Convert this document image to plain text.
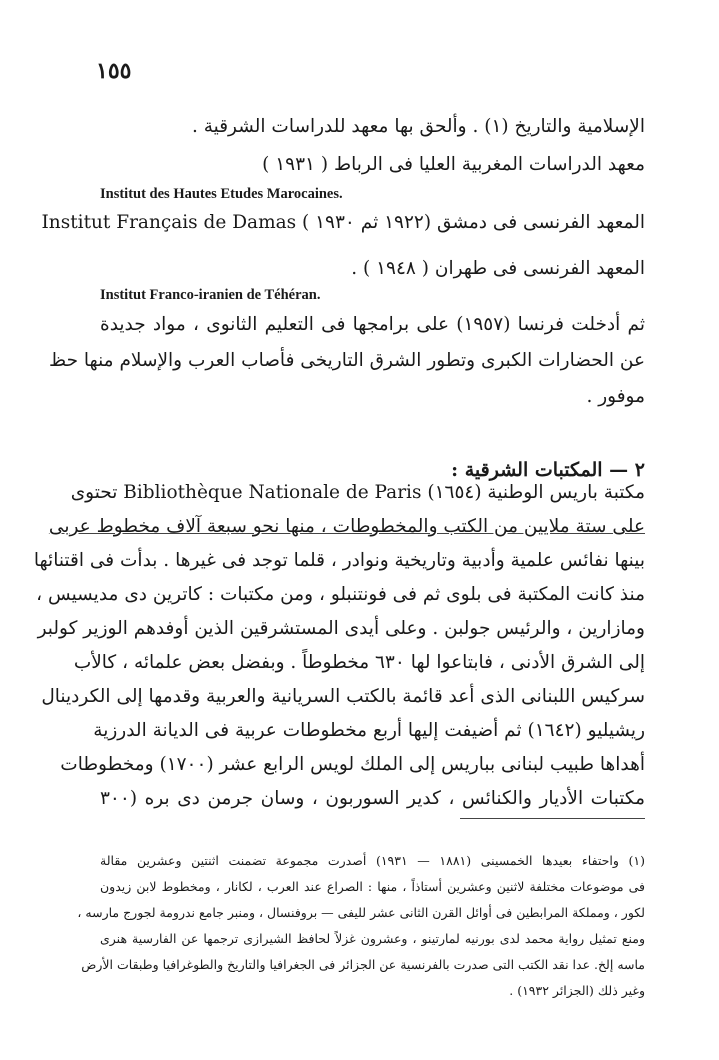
١٥٥
الإسلامية والتاريخ (١) . وألحق بها معهد للدراسات الشرقية .
معهد الدراسات المغربية العليا فى الرباط ( ١٩٣١ )
Institut des Hautes Etudes Marocaines.
المعهد الفرنسى فى دمشق (١٩٢٢ ثم ١٩٣٠ ) Institut Français de Damas
المعهد الفرنسى فى طهران ( ١٩٤٨ ) .
Institut Franco-iranien de Téhéran.
ثم أدخلت فرنسا (١٩٥٧) على برامجها فى التعليم الثانوى ، مواد جديدة
عن الحضارات الكبرى وتطور الشرق التاريخى فأصاب العرب والإسلام منها حظ
موفور .
٢ — المكتبات الشرقية :
مكتبة باريس الوطنية (١٦٥٤) Bibliothèque Nationale de Paris تحتوى
على ستة ملايين من الكتب والمخطوطات ، منها نحو سبعة آلاف مخطوط عربى
بينها نفائس علمية وأدبية وتاريخية ونوادر ، قلما توجد فى غيرها . بدأت فى اقتنائها
منذ كانت المكتبة فى بلوى ثم فى فونتنبلو ، ومن مكتبات : كاترين دى مديسيس ،
ومازارين ، والرئيس جولبن . وعلى أيدى المستشرقين الذين أوفدهم الوزير كولبر
إلى الشرق الأدنى ، فابتاعوا لها ٦٣٠ مخطوطاً . وبفضل بعض علمائه ، كالأب
سركيس اللبنانى الذى أعد قائمة بالكتب السريانية والعربية وقدمها إلى الكردينال
ريشيليو (١٦٤٢) ثم أضيفت إليها أربع مخطوطات عربية فى الديانة الدرزية
أهداها طبيب لبنانى بباريس إلى الملك لويس الرابع عشر (١٧٠٠) ومخطوطات
مكتبات الأديار والكنائس ، كدير السوربون ، وسان جرمن دى بره (٣٠٠
(١) واحتفاء بعيدها الخمسينى (١٨٨١ — ١٩٣١) أصدرت مجموعة تضمنت اثنتين وعشرين مقالة
فى موضوعات مختلفة لاثنين وعشرين أستاذاً ، منها : الصراع عند العرب ، لكانار ، ومخطوط لابن زيدون
لكور ، ومملكة المرابطين فى أوائل القرن الثانى عشر لليفى — بروفنسال ، ومنبر جامع ندرومة لجورج مارسه ،
ومنع تمثيل رواية محمد لدى بورنيه لمارتينو ، وعشرون غزلاً لحافظ الشيرازى ترجمها عن الفارسية هنرى
ماسه إلخ. عدا نقد الكتب التى صدرت بالفرنسية عن الجزائر فى الجغرافيا والتاريخ والطوغرافيا وطبقات الأرض
وغير ذلك (الجزائر ١٩٣٢) .
